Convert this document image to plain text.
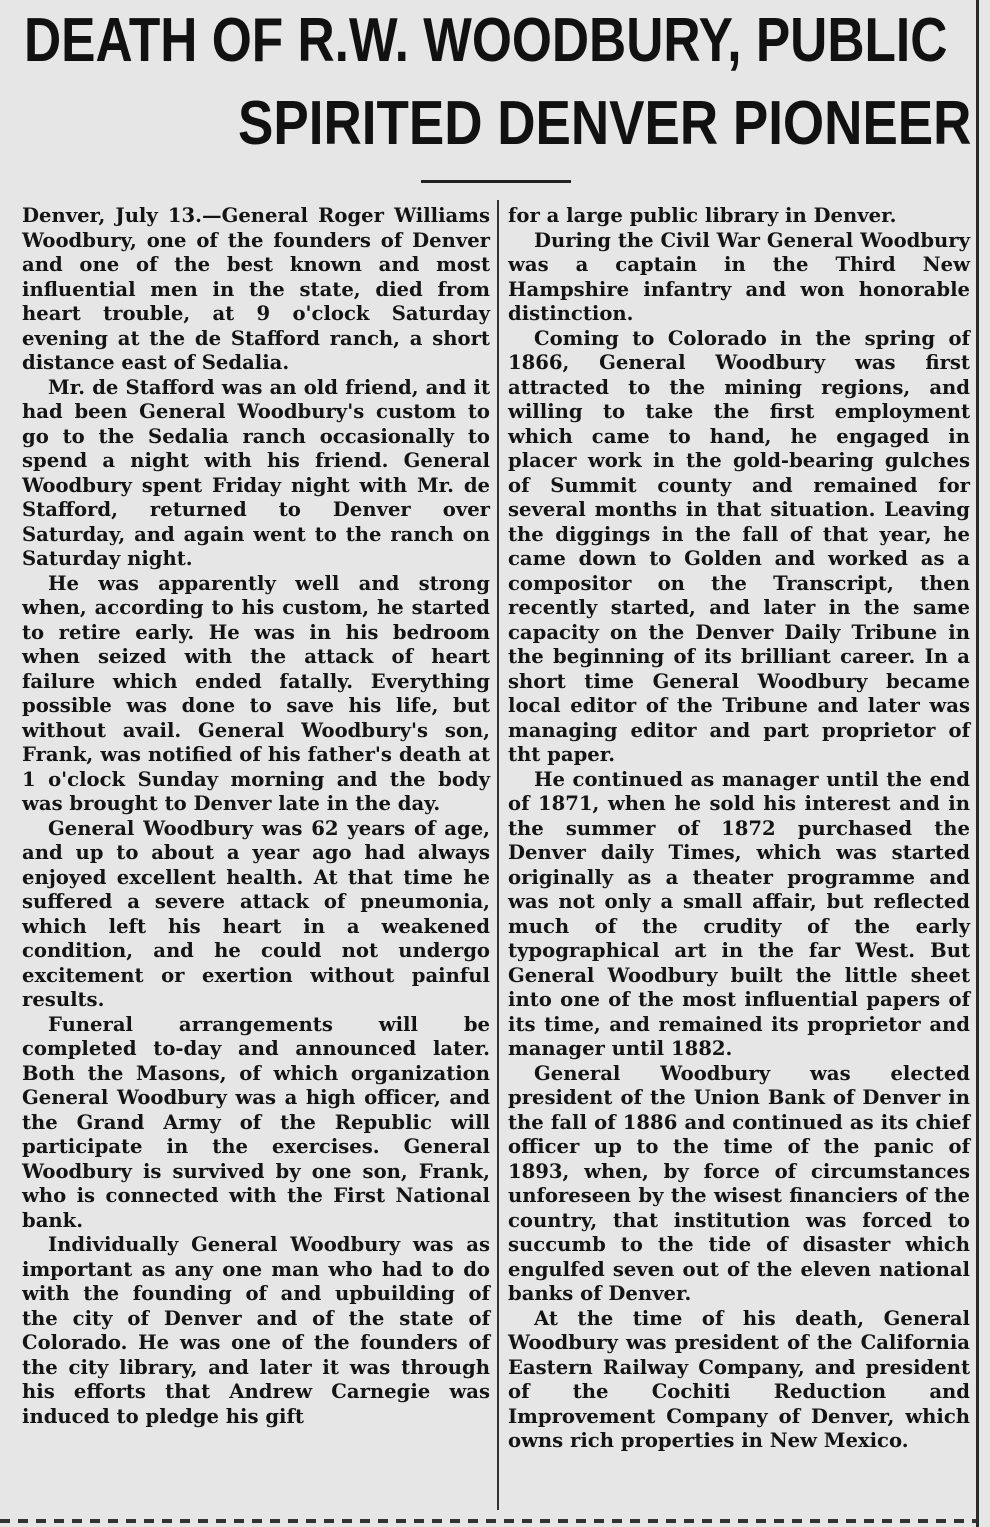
DEATH OF R.W. WOODBURY, PUBLIC
SPIRITED DENVER PIONEER

Denver, July 13.—General Roger Williams Woodbury, one of the founders of Denver and one of the best known and most influential men in the state, died from heart trouble, at 9 o'clock Saturday evening at the de Stafford ranch, a short distance east of Sedalia.

Mr. de Stafford was an old friend, and it had been General Woodbury's custom to go to the Sedalia ranch occasionally to spend a night with his friend. General Woodbury spent Friday night with Mr. de Stafford, returned to Denver over Saturday, and again went to the ranch on Saturday night.

He was apparently well and strong when, according to his custom, he started to retire early. He was in his bedroom when seized with the attack of heart failure which ended fatally. Everything possible was done to save his life, but without avail. General Woodbury's son, Frank, was notified of his father's death at 1 o'clock Sunday morning and the body was brought to Denver late in the day.

General Woodbury was 62 years of age, and up to about a year ago had always enjoyed excellent health. At that time he suffered a severe attack of pneumonia, which left his heart in a weakened condition, and he could not undergo excitement or exertion without painful results.

Funeral arrangements will be completed to-day and announced later. Both the Masons, of which organization General Woodbury was a high officer, and the Grand Army of the Republic will participate in the exercises. General Woodbury is survived by one son, Frank, who is connected with the First National bank.

Individually General Woodbury was as important as any one man who had to do with the founding of and upbuilding of the city of Denver and of the state of Colorado. He was one of the founders of the city library, and later it was through his efforts that Andrew Carnegie was induced to pledge his gift

for a large public library in Denver.

During the Civil War General Woodbury was a captain in the Third New Hampshire infantry and won honorable distinction.

Coming to Colorado in the spring of 1866, General Woodbury was first attracted to the mining regions, and willing to take the first employment which came to hand, he engaged in placer work in the gold-bearing gulches of Summit county and remained for several months in that situation. Leaving the diggings in the fall of that year, he came down to Golden and worked as a compositor on the Transcript, then recently started, and later in the same capacity on the Denver Daily Tribune in the beginning of its brilliant career. In a short time General Woodbury became local editor of the Tribune and later was managing editor and part proprietor of tht paper.

He continued as manager until the end of 1871, when he sold his interest and in the summer of 1872 purchased the Denver daily Times, which was started originally as a theater programme and was not only a small affair, but reflected much of the crudity of the early typographical art in the far West. But General Woodbury built the little sheet into one of the most influential papers of its time, and remained its proprietor and manager until 1882.

General Woodbury was elected president of the Union Bank of Denver in the fall of 1886 and continued as its chief officer up to the time of the panic of 1893, when, by force of circumstances unforeseen by the wisest financiers of the country, that institution was forced to succumb to the tide of disaster which engulfed seven out of the eleven national banks of Denver.

At the time of his death, General Woodbury was president of the California Eastern Railway Company, and president of the Cochiti Reduction and Improvement Company of Denver, which owns rich properties in New Mexico.
